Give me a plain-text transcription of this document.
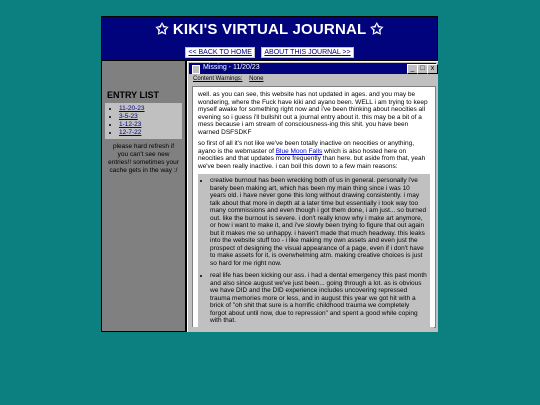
✩ KIKI'S VIRTUAL JOURNAL ✩
<< BACK TO HOME ABOUT THIS JOURNAL >>
ENTRY LIST
• 11-20-23
• 3-5-23
• 1-12-23
• 12-7-22
please hard refresh if you can't see new entries!! sometimes your cache gets in the way :/
Missing - 11/20/23	_ □ x
Content Warnings: None

well. as you can see, this website has not updated in ages. and you may be wondering, where the Fuck have kiki and ayano been. WELL i am trying to keep myself awake for something right now and i've been thinking about neocities all evening so i guess i'll bullshit out a journal entry about it. this may be a bit of a mess because i am stream of consciousness-ing this shit. you have been warned DSFSDKF

so first of all it's not like we've been totally inactive on neocities or anything, ayano is the webmaster of Blue Moon Falls which is also hosted here on neocities and that updates more frequently than here. but aside from that, yeah we've been really inactive. i can boil this down to a few main reasons:

• creative burnout has been wrecking both of us in general. personally i've barely been making art, which has been my main thing since i was 10 years old. i have never gone this long without drawing consistently. i may talk about that more in depth at a later time but essentially i took way too many commissions and even though i got them done, i am just... so burned out. like the burnout is severe. i don't really know why i make art anymore, or how i want to make it, and i've slowly been trying to figure that out again but it makes me so unhappy. i haven't made that much headway. this leaks into the website stuff too - i like making my own assets and even just the prospect of designing the visual appearance of a page, even if i don't have to make assets for it, is overwhelming atm. making creative choices is just so hard for me right now.
• real life has been kicking our ass. i had a dental emergency this past month and also since august we've just been... going through a lot. as is obvious we have DID and the DID experience includes uncovering repressed trauma memories more or less, and in august this year we got hit with a brick of "oh shit that sure is a horrific childhood trauma we completely forgot about until now, due to repression" and spent a good while coping with that.
